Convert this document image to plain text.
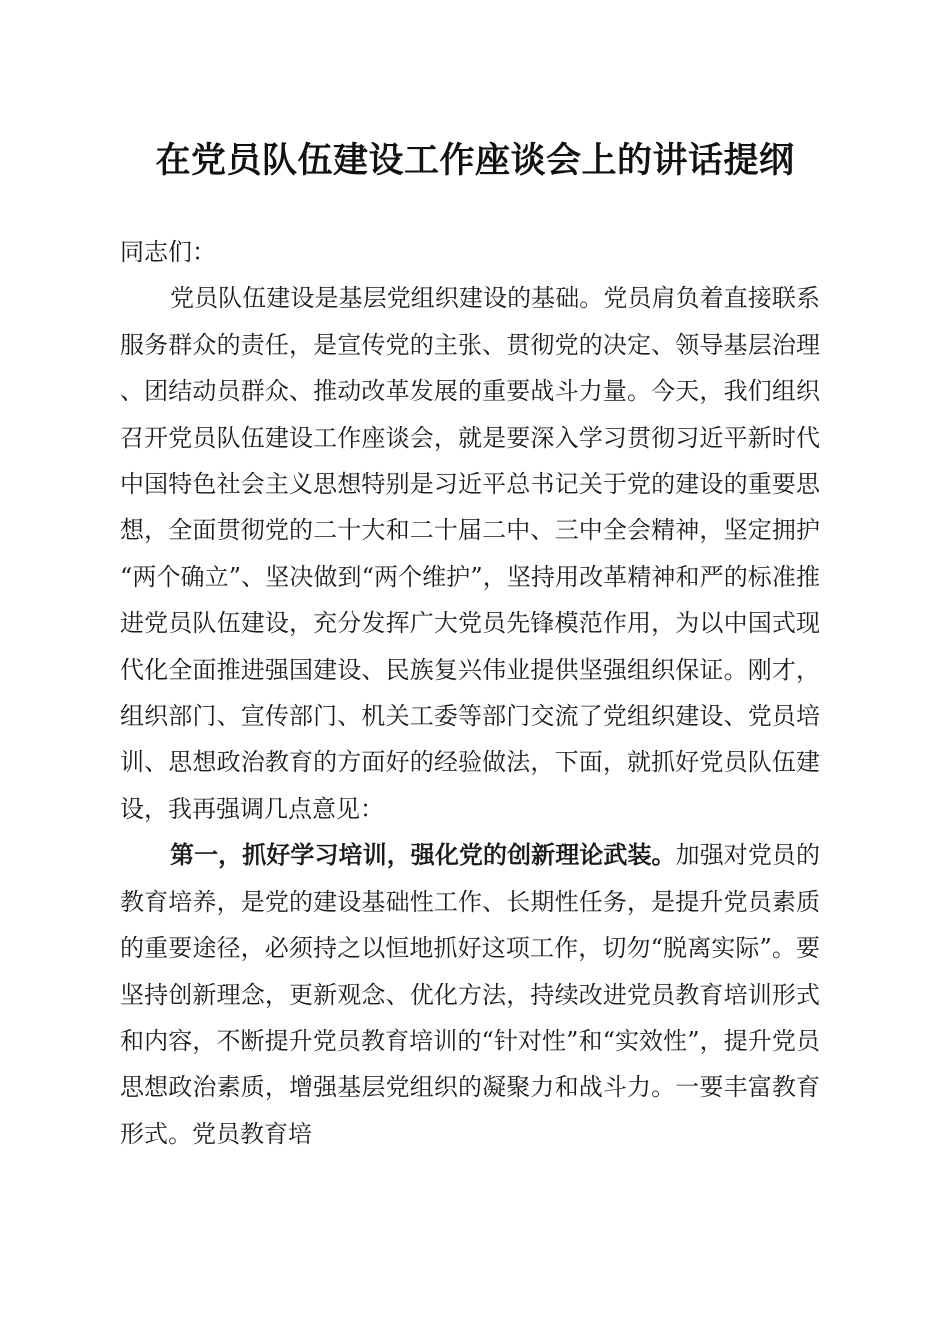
在党员队伍建设工作座谈会上的讲话提纲

同志们：

党员队伍建设是基层党组织建设的基础。党员肩负着直接联系服务群众的责任，是宣传党的主张、贯彻党的决定、领导基层治理、团结动员群众、推动改革发展的重要战斗力量。今天，我们组织召开党员队伍建设工作座谈会，就是要深入学习贯彻习近平新时代中国特色社会主义思想特别是习近平总书记关于党的建设的重要思想，全面贯彻党的二十大和二十届二中、三中全会精神，坚定拥护“两个确立”、坚决做到“两个维护”，坚持用改革精神和严的标准推进党员队伍建设，充分发挥广大党员先锋模范作用，为以中国式现代化全面推进强国建设、民族复兴伟业提供坚强组织保证。刚才，组织部门、宣传部门、机关工委等部门交流了党组织建设、党员培训、思想政治教育的方面好的经验做法，下面，就抓好党员队伍建设，我再强调几点意见：

第一，抓好学习培训，强化党的创新理论武装。加强对党员的教育培养，是党的建设基础性工作、长期性任务，是提升党员素质的重要途径，必须持之以恒地抓好这项工作，切勿“脱离实际”。要坚持创新理念，更新观念、优化方法，持续改进党员教育培训形式和内容，不断提升党员教育培训的“针对性”和“实效性”，提升党员思想政治素质，增强基层党组织的凝聚力和战斗力。一要丰富教育形式。党员教育培
